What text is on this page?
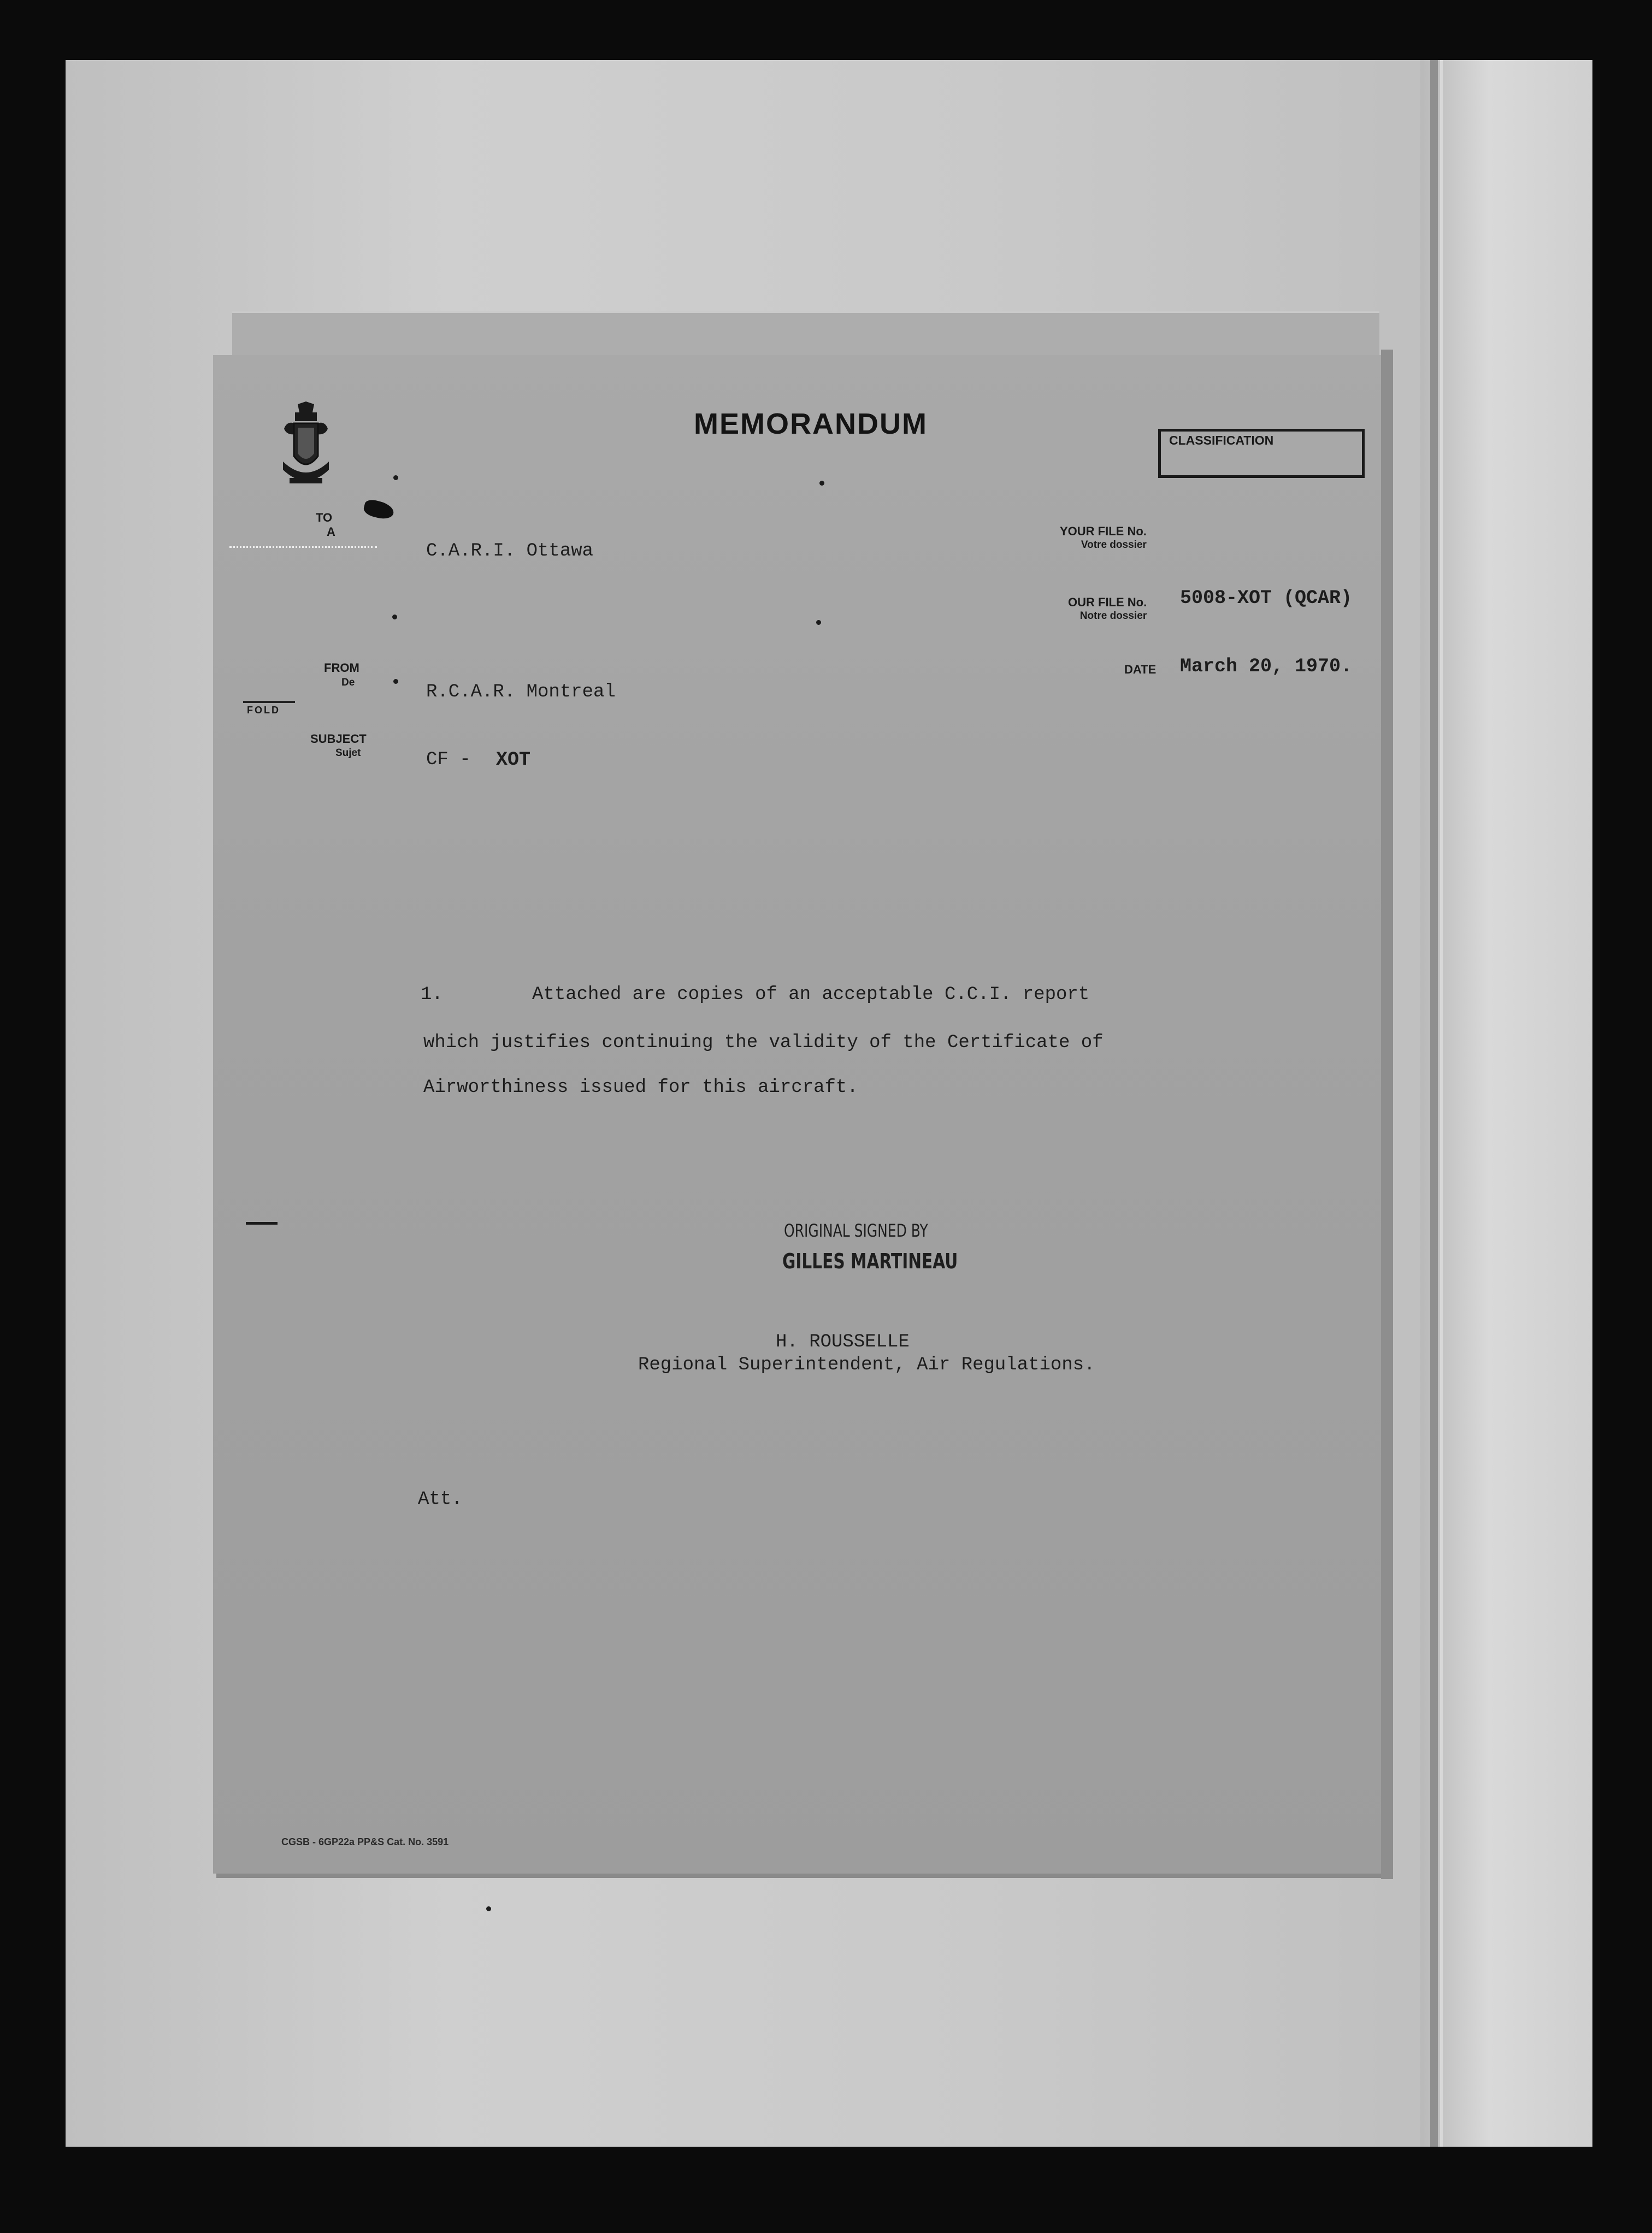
MEMORANDUM	CLASSIFICATION
TO
A
FROM
De
FOLD
SUBJECT
Sujet
YOUR FILE No.
Votre dossier
OUR FILE No.
Notre dossier
DATE
C.A.R.I. Ottawa
R.C.A.R. Montreal
CF - XOT
5008-XOT (QCAR)
March 20, 1970.
1.        Attached are copies of an acceptable C.C.I. report
which justifies continuing the validity of the Certificate of
Airworthiness issued for this aircraft.
ORIGINAL SIGNED BY
GILLES MARTINEAU
H. ROUSSELLE
Regional Superintendent, Air Regulations.
Att.
CGSB - 6GP22a PP&S Cat. No. 3591
